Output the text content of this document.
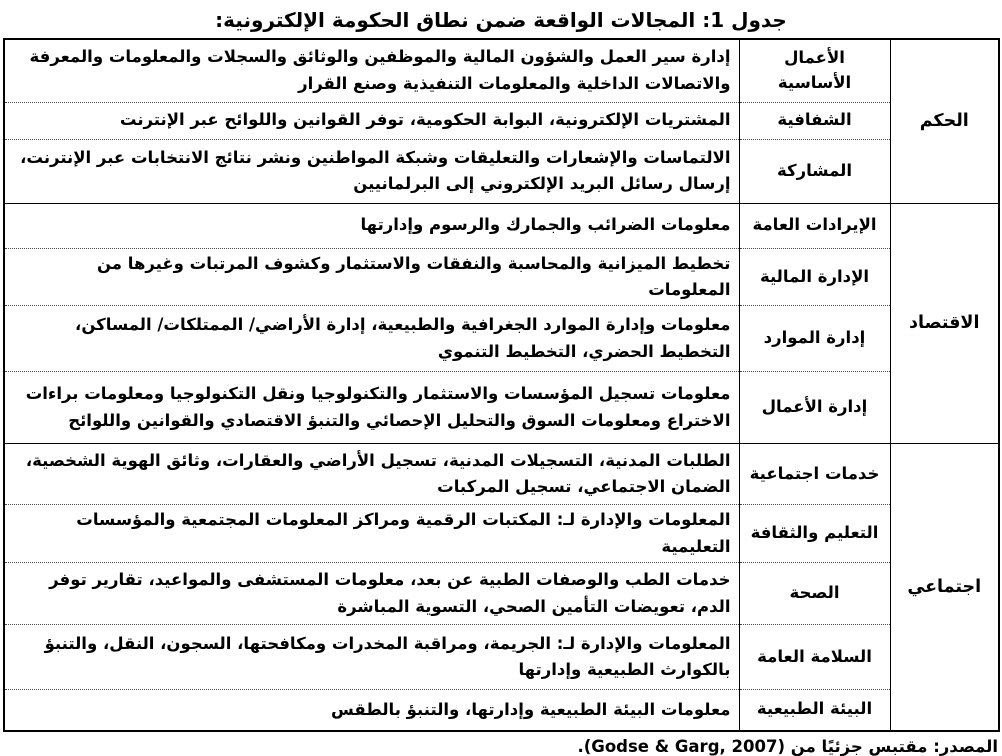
جدول 1: المجالات الواقعة ضمن نطاق الحكومة الإلكترونية:
الحكم	الأعمال الأساسية	إدارة سير العمل والشؤون المالية والموظفين والوثائق والسجلات والمعلومات والمعرفة والاتصالات الداخلية والمعلومات التنفيذية وصنع القرار
	الشفافية	المشتريات الإلكترونية، البوابة الحكومية، توفر القوانين واللوائح عبر الإنترنت
	المشاركة	الالتماسات والإشعارات والتعليقات وشبكة المواطنين ونشر نتائج الانتخابات عبر الإنترنت، إرسال رسائل البريد الإلكتروني إلى البرلمانيين
الاقتصاد	الإيرادات العامة	معلومات الضرائب والجمارك والرسوم وإدارتها
	الإدارة المالية	تخطيط الميزانية والمحاسبة والنفقات والاستثمار وكشوف المرتبات وغيرها من المعلومات
	إدارة الموارد	معلومات وإدارة الموارد الجغرافية والطبيعية، إدارة الأراضي/ الممتلكات/ المساكن، التخطيط الحضري، التخطيط التنموي
	إدارة الأعمال	معلومات تسجيل المؤسسات والاستثمار والتكنولوجيا ونقل التكنولوجيا ومعلومات براءات الاختراع ومعلومات السوق والتحليل الإحصائي والتنبؤ الاقتصادي والقوانين واللوائح
اجتماعي	خدمات اجتماعية	الطلبات المدنية، التسجيلات المدنية، تسجيل الأراضي والعقارات، وثائق الهوية الشخصية، الضمان الاجتماعي، تسجيل المركبات
	التعليم والثقافة	المعلومات والإدارة لـ: المكتبات الرقمية ومراكز المعلومات المجتمعية والمؤسسات التعليمية
	الصحة	خدمات الطب والوصفات الطبية عن بعد، معلومات المستشفى والمواعيد، تقارير توفر الدم، تعويضات التأمين الصحي، التسوية المباشرة
	السلامة العامة	المعلومات والإدارة لـ: الجريمة، ومراقبة المخدرات ومكافحتها، السجون، النقل، والتنبؤ بالكوارث الطبيعية وإدارتها
	البيئة الطبيعية	معلومات البيئة الطبيعية وإدارتها، والتنبؤ بالطقس
المصدر: مقتبس جزئيًا من (Godse & Garg, 2007).
